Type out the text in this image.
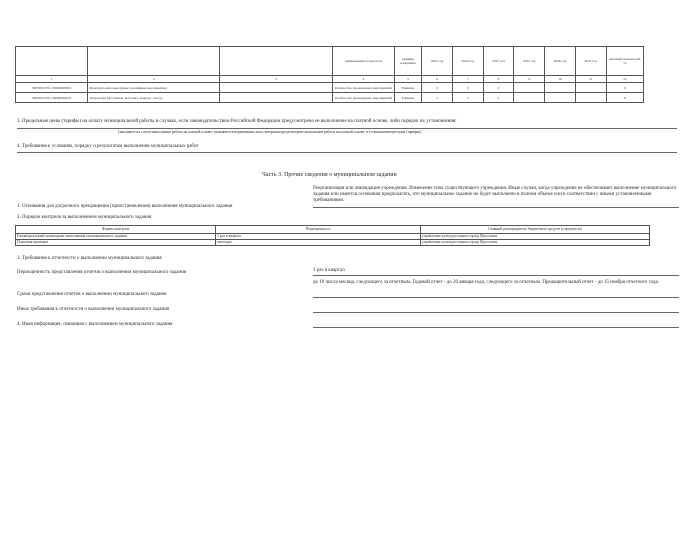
			наименование показателя	единица измерения	2025 год	2026 год	2027 год	2025 год	2026 год	2027 год	значений показателей, %
1	2	3	4	5	6	7	8	9	10	11	12
900Т00 Р.76.1 00000003001	Культурно-массовых (иные зрелищные мероприятия)		Количество проведенных мероприятий	Единица	3	0	0				0
900Т00 Р.76.1 00000004001	Творческих (фестиваль, выставка, конкурс, смотр)		Количество проведенных мероприятий	Единица	2	5	5				0
3. Предельные цены (тарифы) на оплату муниципальной работы в случаях, если законодательством Российской Федерации предусмотрено ее выполнение на платной основе, либо порядок их установления:
(заполняется в случае выполнения работы на платной основе; указываются нормативные акты, которыми предусмотрено выполнение работы на платной основе, и устанавливающие цены (тарифы))
4. Требования к условиям, порядку и результатам выполнения муниципальных работ
Часть 3. Прочие сведения о муниципальном задании
1. Основания для досрочного прекращения (приостановления) выполнения муниципального задания
Реорганизация или ликвидация учреждения. Изменение типа существующего учреждения. Иные случаи, когда учреждение не обеспечивает выполнение муниципального задания или имеется основания предполагать, что муниципальное задание не будет выполнено в полном объеме или в соответствии с иными установленными требованиями.
2. Порядок контроля за выполнением муниципального задания
Формы контроля	Периодичность	Главный распорядитель бюджетных средств (учредитель)
Ежеквартальный мониторинг выполнения муниципального задания	1 раз в квартал	управление культуры мэрии города Ярославля
Плановая проверка	ежегодно	управление культуры мэрии города Ярославля
3. Требования к отчетности о выполнении муниципального задания
Периодичность представления отчетов о выполнении муниципального задания	1 раз в квартал
до 10 числа месяца, следующего за отчетным. Годовой отчет - до 20 января года, следующего за отчетным. Предварительный отчет - до 15 ноября отчетного года.
Сроки представления отчетов о выполнении муниципального задания
Иные требования к отчетности о выполнении муниципального задания
4. Иная информация, связанная с выполнением муниципального задания
